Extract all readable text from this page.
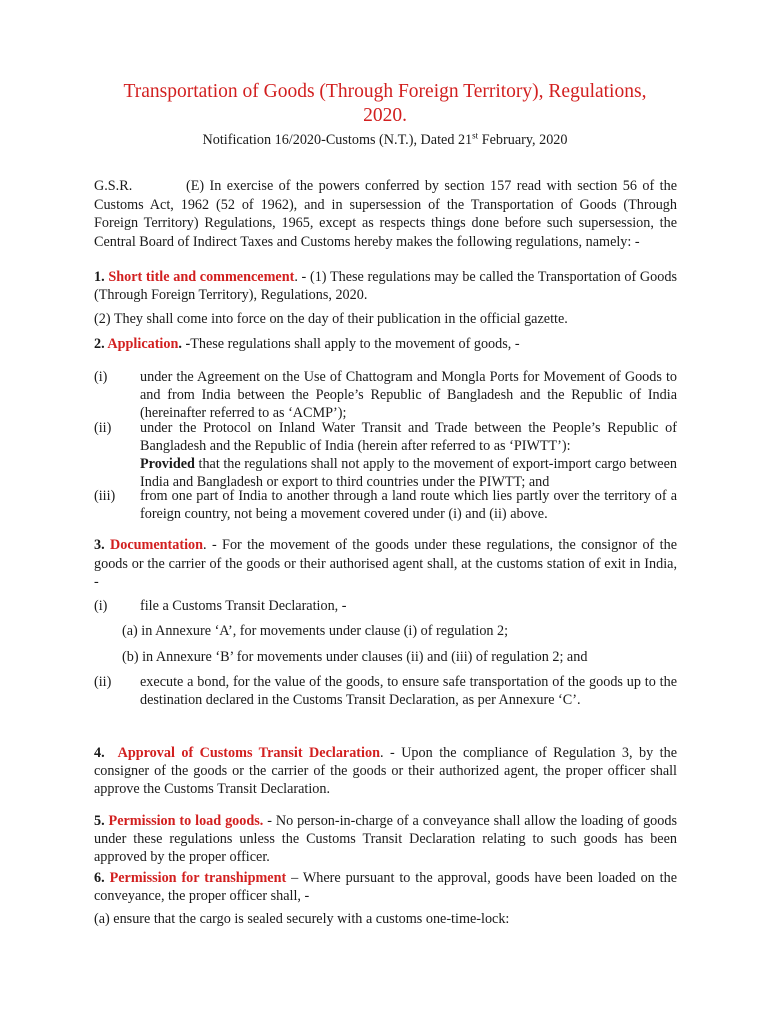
Transportation of Goods (Through Foreign Territory), Regulations,
2020.
Notification 16/2020-Customs (N.T.), Dated 21st February, 2020
G.S.R.	(E) In exercise of the powers conferred by section 157 read with section 56 of the Customs Act, 1962 (52 of 1962), and in supersession of the Transportation of Goods (Through Foreign Territory) Regulations, 1965, except as respects things done before such supersession, the Central Board of Indirect Taxes and Customs hereby makes the following regulations, namely: -
1. Short title and commencement. - (1) These regulations may be called the Transportation of Goods (Through Foreign Territory), Regulations, 2020.
(2) They shall come into force on the day of their publication in the official gazette.
2. Application. -These regulations shall apply to the movement of goods, -
(i) under the Agreement on the Use of Chattogram and Mongla Ports for Movement of Goods to and from India between the People’s Republic of Bangladesh and the Republic of India (hereinafter referred to as ‘ACMP’);
(ii) under the Protocol on Inland Water Transit and Trade between the People’s Republic of Bangladesh and the Republic of India (herein after referred to as ‘PIWTT’):
Provided that the regulations shall not apply to the movement of export-import cargo between India and Bangladesh or export to third countries under the PIWTT; and
(iii) from one part of India to another through a land route which lies partly over the territory of a foreign country, not being a movement covered under (i) and (ii) above.
3. Documentation. - For the movement of the goods under these regulations, the consignor of the goods or the carrier of the goods or their authorised agent shall, at the customs station of exit in India, -
(i) file a Customs Transit Declaration, -
(a) in Annexure ‘A’, for movements under clause (i) of regulation 2;
(b) in Annexure ‘B’ for movements under clauses (ii) and (iii) of regulation 2; and
(ii) execute a bond, for the value of the goods, to ensure safe transportation of the goods up to the destination declared in the Customs Transit Declaration, as per Annexure ‘C’.
4. Approval of Customs Transit Declaration. - Upon the compliance of Regulation 3, by the consigner of the goods or the carrier of the goods or their authorized agent, the proper officer shall approve the Customs Transit Declaration.
5. Permission to load goods. - No person-in-charge of a conveyance shall allow the loading of goods under these regulations unless the Customs Transit Declaration relating to such goods has been approved by the proper officer.
6. Permission for transhipment – Where pursuant to the approval, goods have been loaded on the conveyance, the proper officer shall, -
(a) ensure that the cargo is sealed securely with a customs one-time-lock:
